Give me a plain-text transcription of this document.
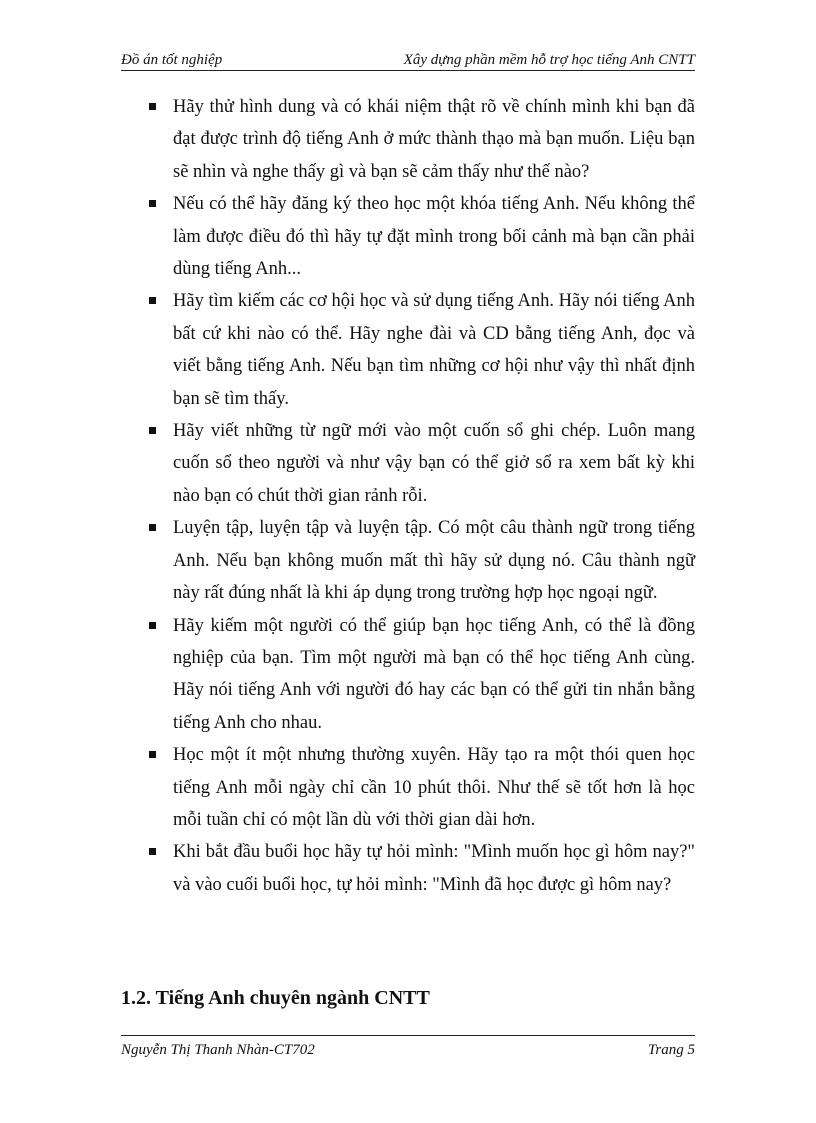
Đồ án tốt nghiệp	Xây dựng phần mềm hỗ trợ học tiếng Anh CNTT
Hãy thử hình dung và có khái niệm thật rõ về chính mình khi bạn đã đạt được trình độ tiếng Anh ở mức thành thạo mà bạn muốn. Liệu bạn sẽ nhìn và nghe thấy gì và bạn sẽ cảm thấy như thế nào?
Nếu có thể hãy đăng ký theo học một khóa tiếng Anh. Nếu không thể làm được điều đó thì hãy tự đặt mình trong bối cảnh mà bạn cần phải dùng tiếng Anh...
Hãy tìm kiếm các cơ hội học và sử dụng tiếng Anh. Hãy nói tiếng Anh bất cứ khi nào có thể. Hãy nghe đài và CD bằng tiếng Anh, đọc và viết bằng tiếng Anh. Nếu bạn tìm những cơ hội như vậy thì nhất định bạn sẽ tìm thấy.
Hãy viết những từ ngữ mới vào một cuốn sổ ghi chép. Luôn mang cuốn sổ theo người và như vậy bạn có thể giở sổ ra xem bất kỳ khi nào bạn có chút thời gian rảnh rỗi.
Luyện tập, luyện tập và luyện tập. Có một câu thành ngữ trong tiếng Anh. Nếu bạn không muốn mất thì hãy sử dụng nó. Câu thành ngữ này rất đúng nhất là khi áp dụng trong trường hợp học ngoại ngữ.
Hãy kiếm một người có thể giúp bạn học tiếng Anh, có thể là đồng nghiệp của bạn. Tìm một người mà bạn có thể học tiếng Anh cùng. Hãy nói tiếng Anh với người đó hay các bạn có thể gửi tin nhắn bằng tiếng Anh cho nhau.
Học một ít một nhưng thường xuyên. Hãy tạo ra một thói quen học tiếng Anh mỗi ngày chỉ cần 10 phút thôi. Như thế sẽ tốt hơn là học mỗi tuần chỉ có một lần dù với thời gian dài hơn.
Khi bắt đầu buổi học hãy tự hỏi mình: "Mình muốn học gì hôm nay?" và vào cuối buổi học, tự hỏi mình: "Mình đã học được gì hôm nay?
1.2. Tiếng Anh chuyên ngành CNTT
Nguyễn Thị Thanh Nhàn-CT702	Trang 5
